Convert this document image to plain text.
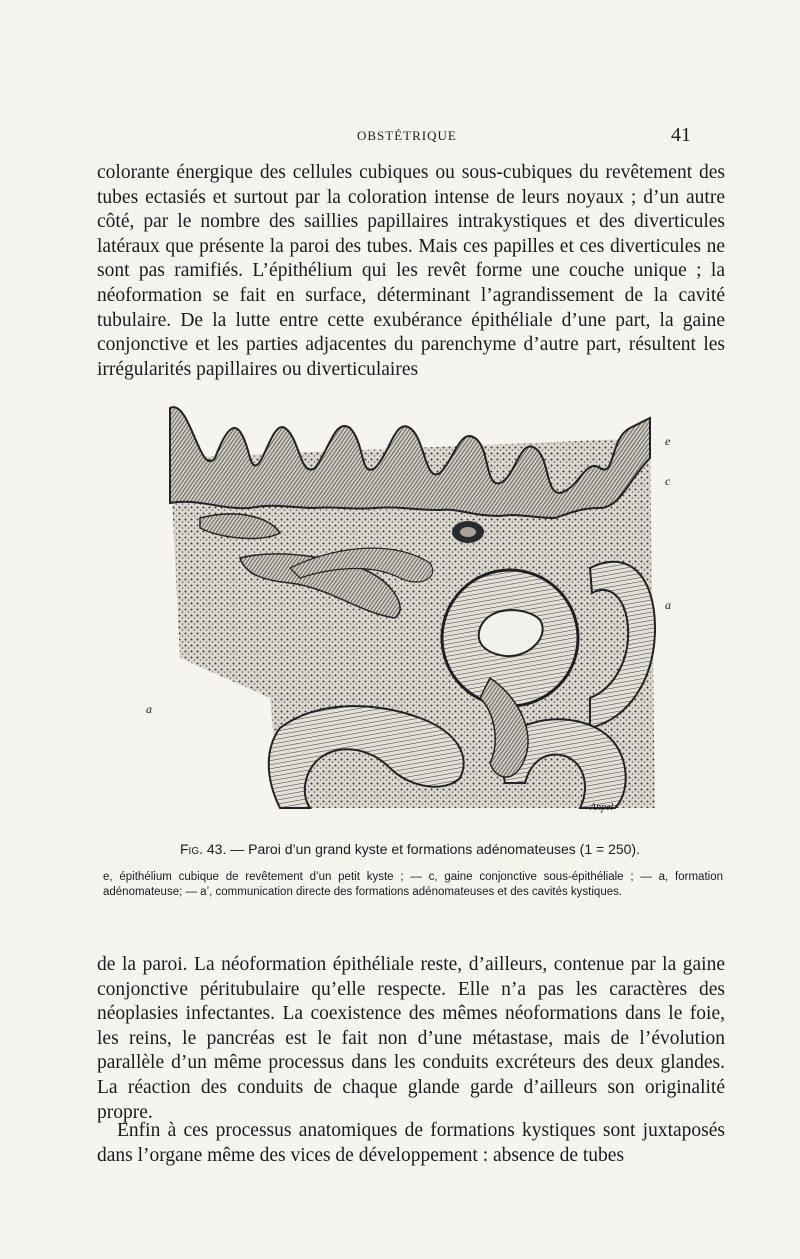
OBSTÉTRIQUE	41

colorante énergique des cellules cubiques ou sous-cubiques du revêtement des tubes ectasiés et surtout par la coloration intense de leurs noyaux ; d’un autre côté, par le nombre des saillies papillaires intrakystiques et des diverticules latéraux que présente la paroi des tubes. Mais ces papilles et ces diverticules ne sont pas ramifiés. L’épithélium qui les revêt forme une couche unique ; la néoformation se fait en surface, déterminant l’agrandissement de la cavité tubulaire. De la lutte entre cette exubérance épithéliale d’une part, la gaine conjonctive et les parties adjacentes du parenchyme d’autre part, résultent les irrégularités papillaires ou diverticulaires

e
c
a
a
Anpel
Fig. 43. — Paroi d’un grand kyste et formations adénomateuses (1 = 250).

e, épithélium cubique de revêtement d’un petit kyste ; — c, gaine conjonctive sous-épithéliale ; — a, formation adénomateuse; — a’, communication directe des formations adénomateuses et des cavités kystiques.

de la paroi. La néoformation épithéliale reste, d’ailleurs, contenue par la gaine conjonctive péritubulaire qu’elle respecte. Elle n’a pas les caractères des néoplasies infectantes. La coexistence des mêmes néoformations dans le foie, les reins, le pancréas est le fait non d’une métastase, mais de l’évolution parallèle d’un même processus dans les conduits excréteurs des deux glandes. La réaction des conduits de chaque glande garde d’ailleurs son originalité propre.

Enfin à ces processus anatomiques de formations kystiques sont juxtaposés dans l’organe même des vices de développement : absence de tubes
